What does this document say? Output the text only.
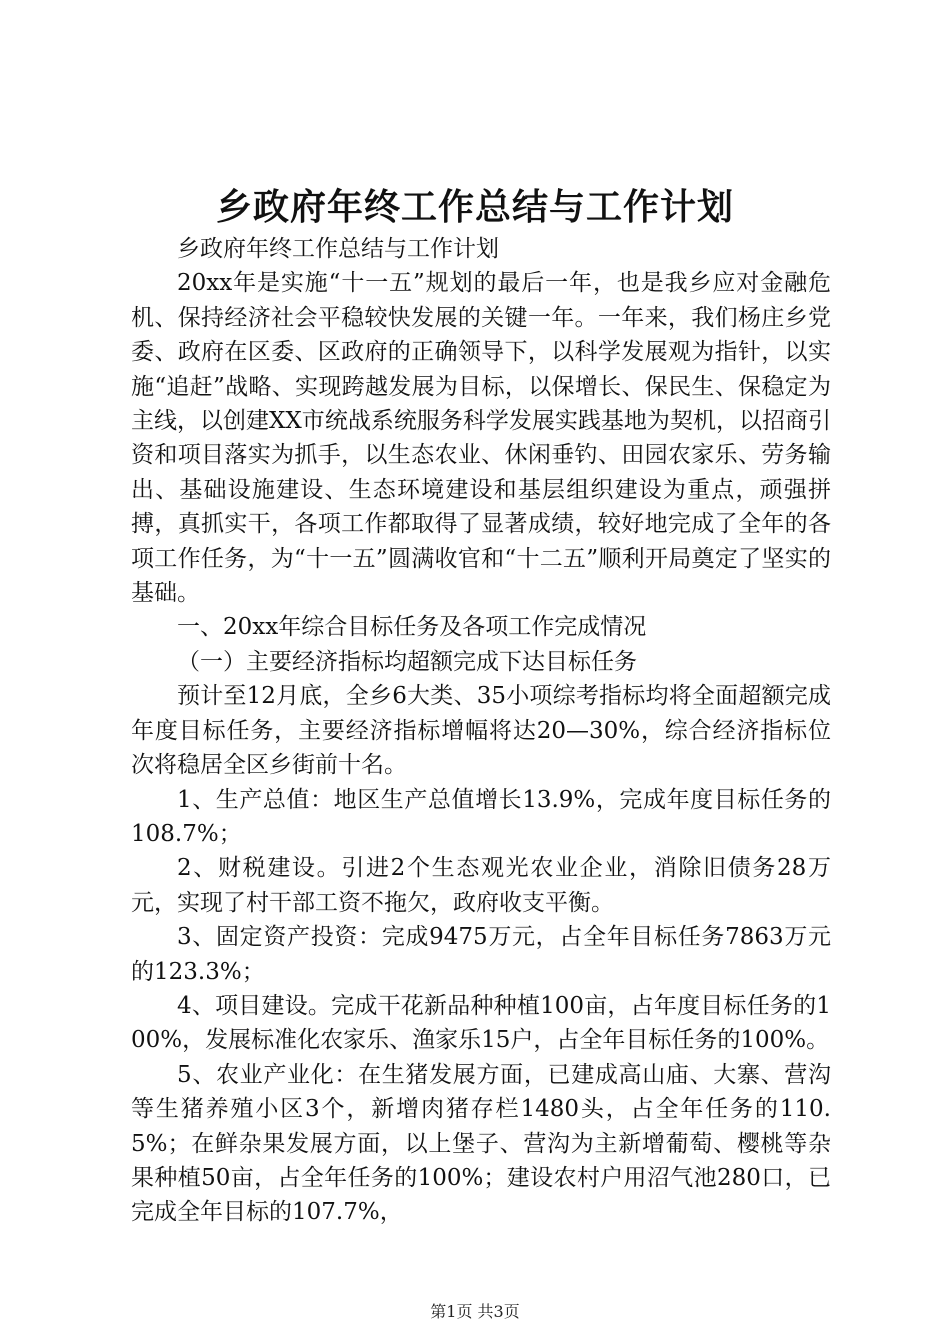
乡政府年终工作总结与工作计划

乡政府年终工作总结与工作计划

20xx年是实施“十一五”规划的最后一年，也是我乡应对金融危机、保持经济社会平稳较快发展的关键一年。一年来，我们杨庄乡党委、政府在区委、区政府的正确领导下，以科学发展观为指针，以实施“追赶”战略、实现跨越发展为目标，以保增长、保民生、保稳定为主线，以创建XX市统战系统服务科学发展实践基地为契机，以招商引资和项目落实为抓手，以生态农业、休闲垂钓、田园农家乐、劳务输出、基础设施建设、生态环境建设和基层组织建设为重点，顽强拼搏，真抓实干，各项工作都取得了显著成绩，较好地完成了全年的各项工作任务，为“十一五”圆满收官和“十二五”顺利开局奠定了坚实的基础。

一、20xx年综合目标任务及各项工作完成情况

（一）主要经济指标均超额完成下达目标任务

预计至12月底，全乡6大类、35小项综考指标均将全面超额完成年度目标任务，主要经济指标增幅将达20—30%，综合经济指标位次将稳居全区乡街前十名。

1、生产总值：地区生产总值增长13.9%，完成年度目标任务的108.7%；

2、财税建设。引进2个生态观光农业企业，消除旧债务28万元，实现了村干部工资不拖欠，政府收支平衡。

3、固定资产投资：完成9475万元，占全年目标任务7863万元的123.3%；

4、项目建设。完成干花新品种种植100亩，占年度目标任务的100%，发展标准化农家乐、渔家乐15户，占全年目标任务的100%。

5、农业产业化：在生猪发展方面，已建成高山庙、大寨、营沟等生猪养殖小区3个，新增肉猪存栏1480头，占全年任务的110.5%；在鲜杂果发展方面，以上堡子、营沟为主新增葡萄、樱桃等杂果种植50亩，占全年任务的100%；建设农村户用沼气池280口，已完成全年目标的107.7%，

第1页 共3页
